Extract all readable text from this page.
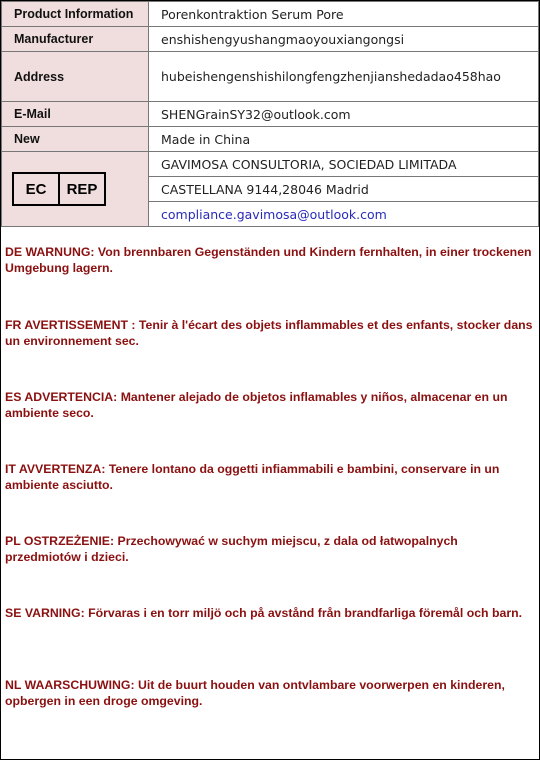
Product Information	Porenkontraktion Serum Pore
Manufacturer	enshishengyushangmaoyouxiangongsi
Address	hubeishengenshishilongfengzhenjianshedadao458hao
E-Mail	SHENGrainSY32@outlook.com
New	Made in China

EC REP	GAVIMOSA CONSULTORIA, SOCIEDAD LIMITADA
	CASTELLANA 9144,28046 Madrid
	compliance.gavimosa@outlook.com

DE WARNUNG: Von brennbaren Gegenständen und Kindern fernhalten, in einer trockenen Umgebung lagern.

FR AVERTISSEMENT : Tenir à l'écart des objets inflammables et des enfants, stocker dans un environnement sec.

ES ADVERTENCIA: Mantener alejado de objetos inflamables y niños, almacenar en un ambiente seco.

IT AVVERTENZA: Tenere lontano da oggetti infiammabili e bambini, conservare in un ambiente asciutto.

PL OSTRZEŻENIE: Przechowywać w suchym miejscu, z dala od łatwopalnych przedmiotów i dzieci.

SE VARNING: Förvaras i en torr miljö och på avstånd från brandfarliga föremål och barn.

NL WAARSCHUWING: Uit de buurt houden van ontvlambare voorwerpen en kinderen, opbergen in een droge omgeving.
